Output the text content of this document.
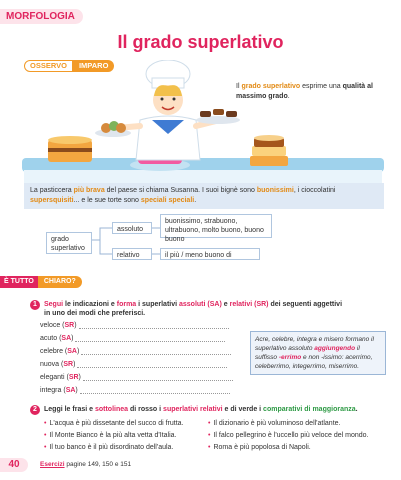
MORFOLOGIA
Il grado superlativo
OSSERVO	IMPARO
Il grado superlativo esprime una qualità al massimo grado.
La pasticcera più brava del paese si chiama Susanna. I suoi bignè sono buonissimi, i cioccolatini supersquisiti... e le sue torte sono speciali speciali.
grado superlativo
assoluto
buonissimo, strabuono, ultrabuono, molto buono, buono buono
relativo	il più / meno buono di
È TUTTO	CHIARO?
1	Segui le indicazioni e forma i superlativi assoluti (SA) e relativi (SR) dei seguenti aggettivi
in uno dei modi che preferisci.
veloce (SR)
acuto (SA)
celebre (SA)
nuova (SR)
eleganti (SR)
integra (SA)
Acre, celebre, integra e misero formano il superlativo assoluto aggiungendo il suffisso -errimo e non -issimo: acerrimo, celeberrimo, integerrimo, miserrimo.
2	Leggi le frasi e sottolinea di rosso i superlativi relativi e di verde i comparativi di maggioranza.
• L'acqua è più dissetante del succo di frutta.
• Il Monte Bianco è la più alta vetta d'Italia.
• Il tuo banco è il più disordinato dell'aula.
• Il dizionario è più voluminoso dell'atlante.
• Il falco pellegrino è l'uccello più veloce del mondo.
• Roma è più popolosa di Napoli.
40	Esercizi pagine 149, 150 e 151
